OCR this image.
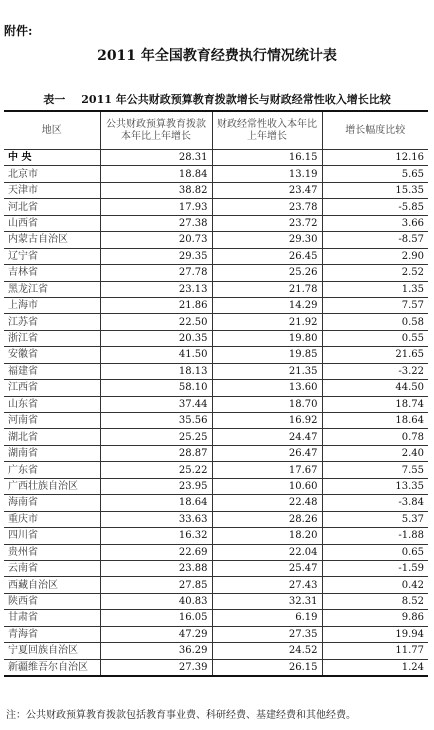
附件:
2011 年全国教育经费执行情况统计表
表一 2011 年公共财政预算教育拨款增长与财政经常性收入增长比较
地区	公共财政预算教育拨款本年比上年增长	财政经常性收入本年比上年增长	增长幅度比较
中 央	28.31	16.15	12.16
北京市	18.84	13.19	5.65
天津市	38.82	23.47	15.35
河北省	17.93	23.78	-5.85
山西省	27.38	23.72	3.66
内蒙古自治区	20.73	29.30	-8.57
辽宁省	29.35	26.45	2.90
吉林省	27.78	25.26	2.52
黑龙江省	23.13	21.78	1.35
上海市	21.86	14.29	7.57
江苏省	22.50	21.92	0.58
浙江省	20.35	19.80	0.55
安徽省	41.50	19.85	21.65
福建省	18.13	21.35	-3.22
江西省	58.10	13.60	44.50
山东省	37.44	18.70	18.74
河南省	35.56	16.92	18.64
湖北省	25.25	24.47	0.78
湖南省	28.87	26.47	2.40
广东省	25.22	17.67	7.55
广西壮族自治区	23.95	10.60	13.35
海南省	18.64	22.48	-3.84
重庆市	33.63	28.26	5.37
四川省	16.32	18.20	-1.88
贵州省	22.69	22.04	0.65
云南省	23.88	25.47	-1.59
西藏自治区	27.85	27.43	0.42
陕西省	40.83	32.31	8.52
甘肃省	16.05	6.19	9.86
青海省	47.29	27.35	19.94
宁夏回族自治区	36.29	24.52	11.77
新疆维吾尔自治区	27.39	26.15	1.24
注：公共财政预算教育拨款包括教育事业费、科研经费、基建经费和其他经费。
